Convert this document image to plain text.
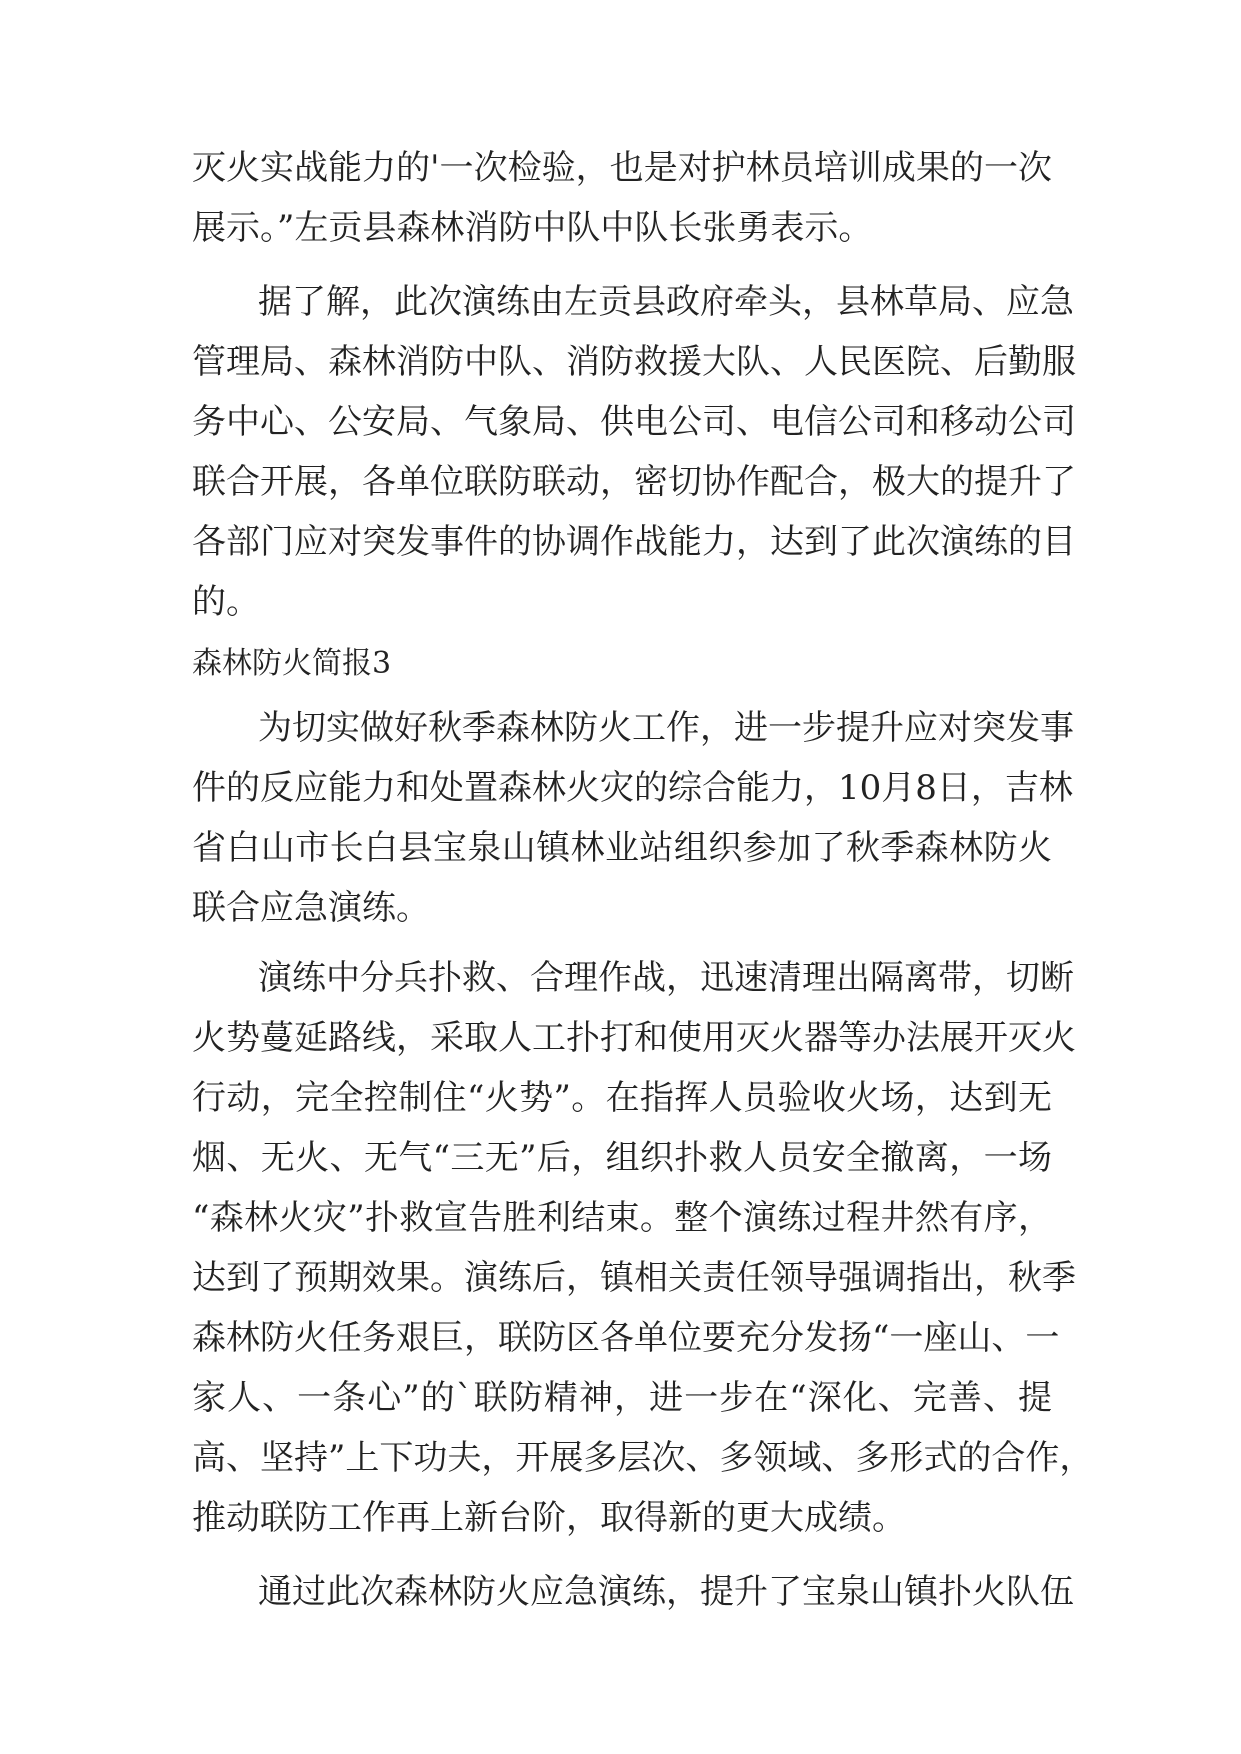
灭火实战能力的'一次检验，也是对护林员培训成果的一次
展示。”左贡县森林消防中队中队长张勇表示。
据了解，此次演练由左贡县政府牵头，县林草局、应急
管理局、森林消防中队、消防救援大队、人民医院、后勤服
务中心、公安局、气象局、供电公司、电信公司和移动公司
联合开展，各单位联防联动，密切协作配合，极大的提升了
各部门应对突发事件的协调作战能力，达到了此次演练的目
的。
森林防火简报3
为切实做好秋季森林防火工作，进一步提升应对突发事
件的反应能力和处置森林火灾的综合能力，10月8日，吉林
省白山市长白县宝泉山镇林业站组织参加了秋季森林防火
联合应急演练。
演练中分兵扑救、合理作战，迅速清理出隔离带，切断
火势蔓延路线，采取人工扑打和使用灭火器等办法展开灭火
行动，完全控制住“火势”。在指挥人员验收火场，达到无
烟、无火、无气“三无”后，组织扑救人员安全撤离，一场
“森林火灾”扑救宣告胜利结束。整个演练过程井然有序，
达到了预期效果。演练后，镇相关责任领导强调指出，秋季
森林防火任务艰巨，联防区各单位要充分发扬“一座山、一
家人、一条心”的`联防精神，进一步在“深化、完善、提
高、坚持”上下功夫，开展多层次、多领域、多形式的合作，
推动联防工作再上新台阶，取得新的更大成绩。
通过此次森林防火应急演练，提升了宝泉山镇扑火队伍
